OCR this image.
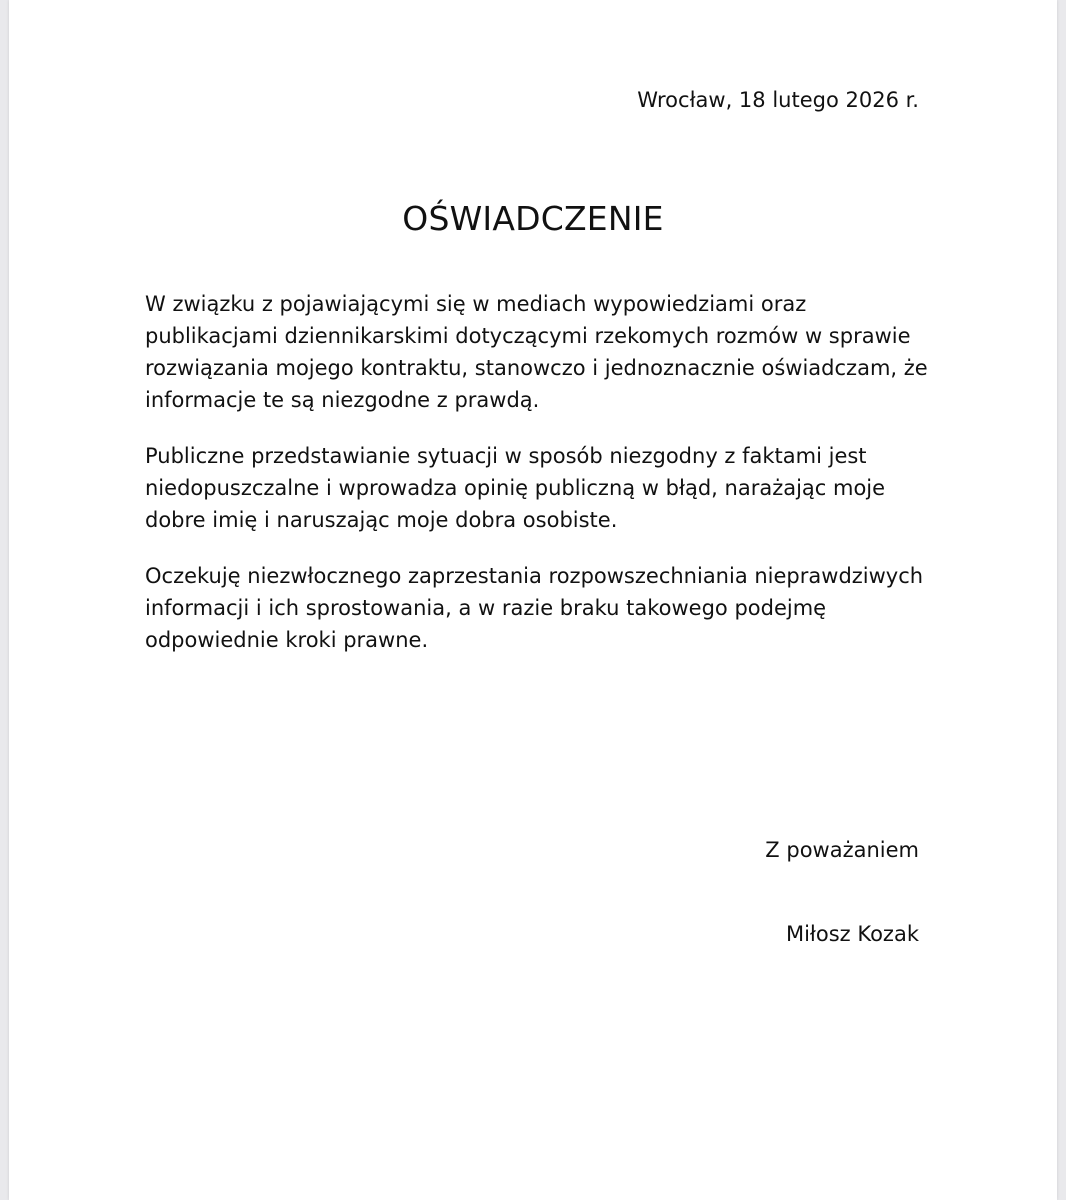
Wrocław, 18 lutego 2026 r.
OŚWIADCZENIE

W związku z pojawiającymi się w mediach wypowiedziami oraz publikacjami dziennikarskimi dotyczącymi rzekomych rozmów w sprawie rozwiązania mojego kontraktu, stanowczo i jednoznacznie oświadczam, że informacje te są niezgodne z prawdą.

Publiczne przedstawianie sytuacji w sposób niezgodny z faktami jest niedopuszczalne i wprowadza opinię publiczną w błąd, narażając moje dobre imię i naruszając moje dobra osobiste.

Oczekuję niezwłocznego zaprzestania rozpowszechniania nieprawdziwych informacji i ich sprostowania, a w razie braku takowego podejmę odpowiednie kroki prawne.

Z poważaniem
Miłosz Kozak
